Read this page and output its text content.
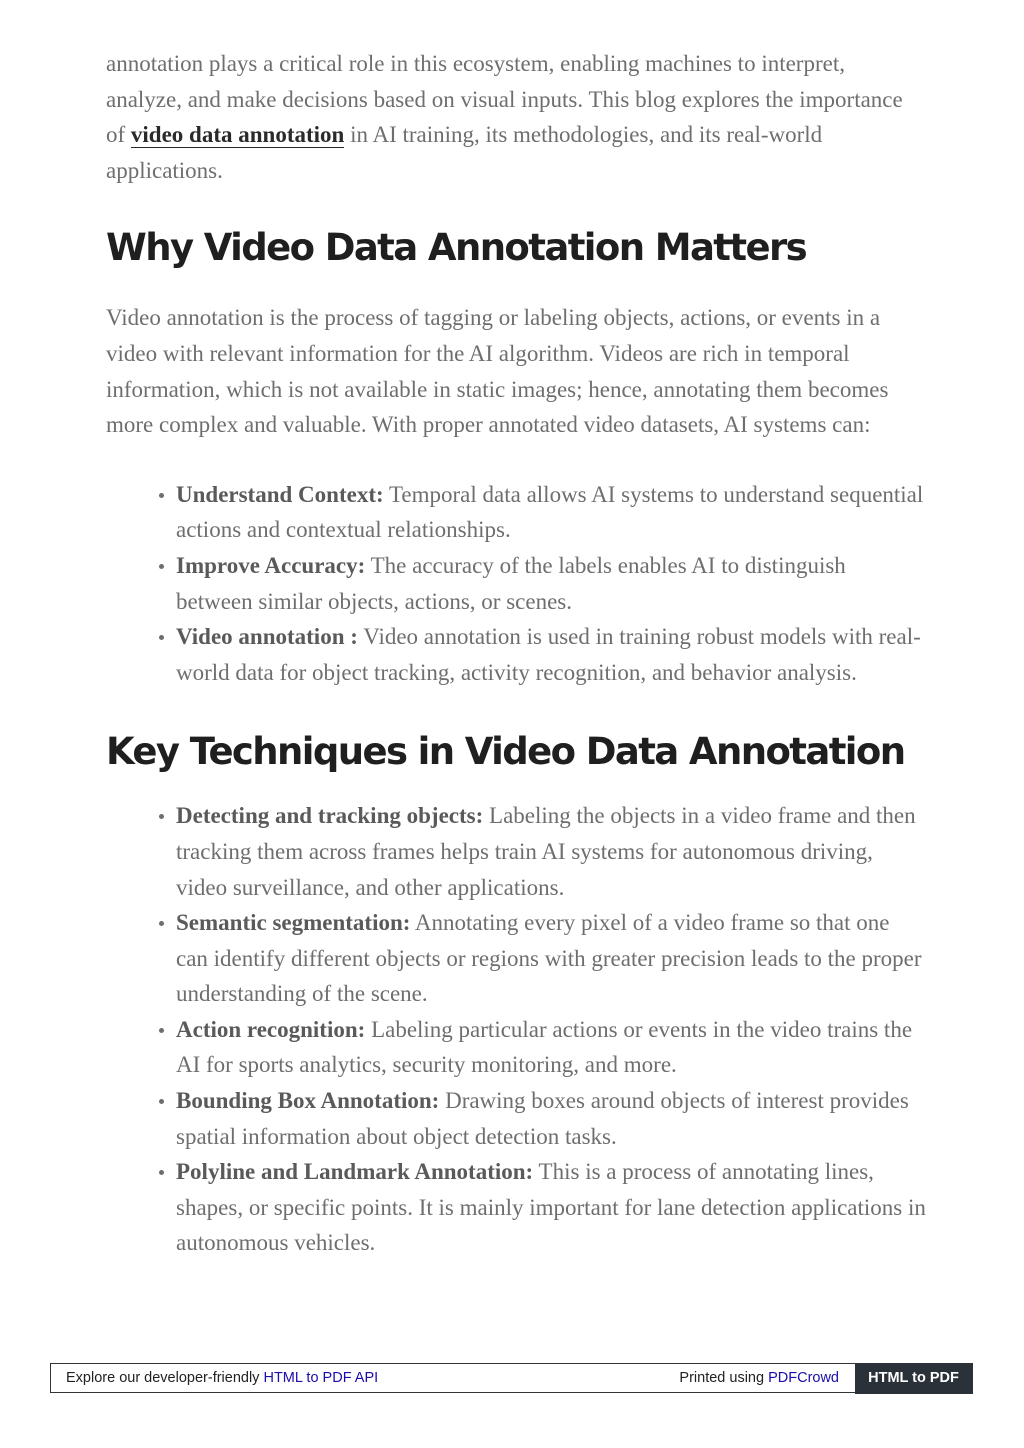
annotation plays a critical role in this ecosystem, enabling machines to interpret, analyze, and make decisions based on visual inputs. This blog explores the importance of video data annotation in AI training, its methodologies, and its real-world applications.

Why Video Data Annotation Matters

Video annotation is the process of tagging or labeling objects, actions, or events in a video with relevant information for the AI algorithm. Videos are rich in temporal information, which is not available in static images; hence, annotating them becomes more complex and valuable. With proper annotated video datasets, AI systems can:

Understand Context: Temporal data allows AI systems to understand sequential actions and contextual relationships.
Improve Accuracy: The accuracy of the labels enables AI to distinguish between similar objects, actions, or scenes.
Video annotation : Video annotation is used in training robust models with real-world data for object tracking, activity recognition, and behavior analysis.
Key Techniques in Video Data Annotation
Detecting and tracking objects: Labeling the objects in a video frame and then tracking them across frames helps train AI systems for autonomous driving, video surveillance, and other applications.
Semantic segmentation: Annotating every pixel of a video frame so that one can identify different objects or regions with greater precision leads to the proper understanding of the scene.
Action recognition: Labeling particular actions or events in the video trains the AI for sports analytics, security monitoring, and more.
Bounding Box Annotation: Drawing boxes around objects of interest provides spatial information about object detection tasks.
Polyline and Landmark Annotation: This is a process of annotating lines, shapes, or specific points. It is mainly important for lane detection applications in autonomous vehicles.
Explore our developer-friendly HTML to PDF API	Printed using PDFCrowd	HTML to PDF
